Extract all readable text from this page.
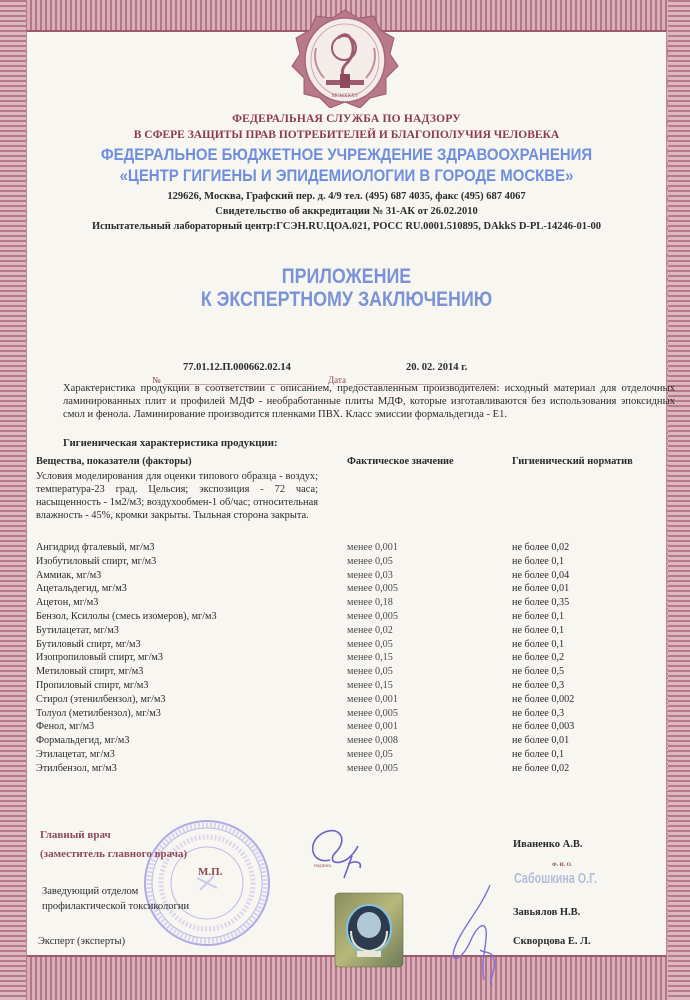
MCMXXXV
ФЕДЕРАЛЬНАЯ СЛУЖБА ПО НАДЗОРУ
В СФЕРЕ ЗАЩИТЫ ПРАВ ПОТРЕБИТЕЛЕЙ И БЛАГОПОЛУЧИЯ ЧЕЛОВЕКА
ФЕДЕРАЛЬНОЕ БЮДЖЕТНОЕ УЧРЕЖДЕНИЕ ЗДРАВООХРАНЕНИЯ
«ЦЕНТР ГИГИЕНЫ И ЭПИДЕМИОЛОГИИ В ГОРОДЕ МОСКВЕ»
129626, Москва, Графский пер. д. 4/9 тел. (495) 687 4035, факс (495) 687 4067
Свидетельство об аккредитации № 31-АК от 26.02.2010
Испытательный лабораторный центр:ГСЭН.RU.ЦОА.021, РОСС RU.0001.510895, DAkkS D-PL-14246-01-00
ПРИЛОЖЕНИЕ
К ЭКСПЕРТНОМУ ЗАКЛЮЧЕНИЮ
77.01.12.П.000662.02.14	20. 02. 2014 г.
№	Дата
Характеристика продукции в соответствии с описанием, предоставленным производителем: исходный материал для отделочных ламинированных плит и профилей МДФ - необработанные плиты МДФ, которые изготавливаются без использования эпоксидных смол и фенола. Ламинирование производится пленками ПВХ. Класс эмиссии формальдегида - Е1.
Гигиеническая характеристика продукции:
Вещества, показатели (факторы)	Фактическое значение	Гигиенический норматив
Условия моделирования для оценки типового образца - воздух; температура-23 град. Цельсия; экспозиция - 72 часа; насыщенность - 1м2/м3; воздухообмен-1 об/час; относительная влажность - 45%, кромки закрыты. Тыльная сторона закрыта.
Ангидрид фталевый, мг/м3	менее 0,001	не более 0,02
Изобутиловый спирт, мг/м3	менее 0,05	не более 0,1
Аммиак, мг/м3	менее 0,03	не более 0,04
Ацетальдегид, мг/м3	менее 0,005	не более 0,01
Ацетон, мг/м3	менее 0,18	не более 0,35
Бензол, Ксилолы (смесь изомеров), мг/м3	менее 0,005	не более 0,1
Бутилацетат, мг/м3	менее 0,02	не более 0,1
Бутиловый спирт, мг/м3	менее 0,05	не более 0,1
Изопропиловый спирт, мг/м3	менее 0,15	не более 0,2
Метиловый спирт, мг/м3	менее 0,05	не более 0,5
Пропиловый спирт, мг/м3	менее 0,15	не более 0,3
Стирол (этенилбензол), мг/м3	менее 0,001	не более 0,002
Толуол (метилбензол), мг/м3	менее 0,005	не более 0,3
Фенол, мг/м3	менее 0,001	не более 0,003
Формальдегид, мг/м3	менее 0,008	не более 0,01
Этилацетат, мг/м3	менее 0,05	не более 0,1
Этилбензол, мг/м3	менее 0,005	не более 0,02
Главный врач
(заместитель главного врача)
М.П.	подпись
Заведующий отделом
профилактической токсикологии
Эксперт (эксперты)
Иваненко А.В.
Ф. И. О.
Сабошкина О.Г.
Завьялов Н.В.
Скворцова Е. Л.
